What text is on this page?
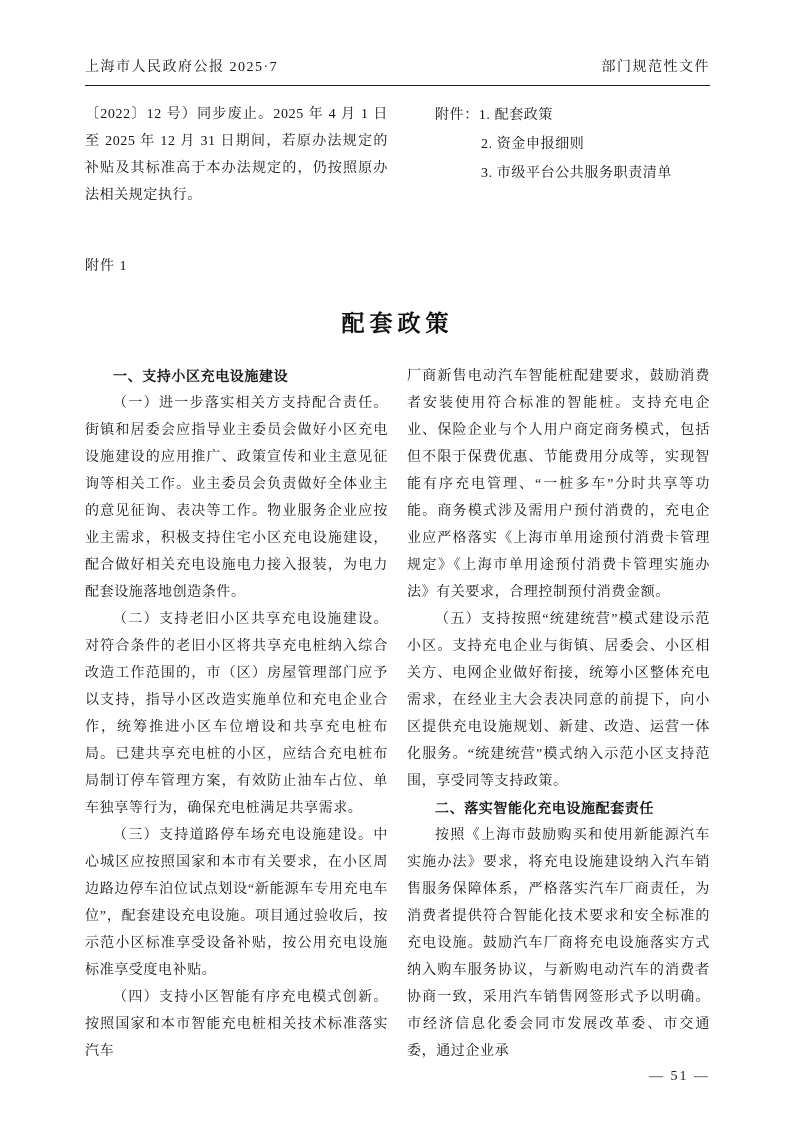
上海市人民政府公报 2025·7	部门规范性文件

〔2022〕12 号）同步废止。2025 年 4 月 1 日至 2025 年 12 月 31 日期间，若原办法规定的补贴及其标准高于本办法规定的，仍按照原办法相关规定执行。

附件：1. 配套政策
2. 资金申报细则
3. 市级平台公共服务职责清单
附件 1
配套政策

一、支持小区充电设施建设

（一）进一步落实相关方支持配合责任。街镇和居委会应指导业主委员会做好小区充电设施建设的应用推广、政策宣传和业主意见征询等相关工作。业主委员会负责做好全体业主的意见征询、表决等工作。物业服务企业应按业主需求，积极支持住宅小区充电设施建设，配合做好相关充电设施电力接入报装，为电力配套设施落地创造条件。

（二）支持老旧小区共享充电设施建设。对符合条件的老旧小区将共享充电桩纳入综合改造工作范围的，市（区）房屋管理部门应予以支持，指导小区改造实施单位和充电企业合作，统筹推进小区车位增设和共享充电桩布局。已建共享充电桩的小区，应结合充电桩布局制订停车管理方案，有效防止油车占位、单车独享等行为，确保充电桩满足共享需求。

（三）支持道路停车场充电设施建设。中心城区应按照国家和本市有关要求，在小区周边路边停车泊位试点划设“新能源车专用充电车位”，配套建设充电设施。项目通过验收后，按示范小区标准享受设备补贴，按公用充电设施标准享受度电补贴。

（四）支持小区智能有序充电模式创新。按照国家和本市智能充电桩相关技术标准落实汽车

厂商新售电动汽车智能桩配建要求，鼓励消费者安装使用符合标准的智能桩。支持充电企业、保险企业与个人用户商定商务模式，包括但不限于保费优惠、节能费用分成等，实现智能有序充电管理、“一桩多车”分时共享等功能。商务模式涉及需用户预付消费的，充电企业应严格落实《上海市单用途预付消费卡管理规定》《上海市单用途预付消费卡管理实施办法》有关要求，合理控制预付消费金额。

（五）支持按照“统建统营”模式建设示范小区。支持充电企业与街镇、居委会、小区相关方、电网企业做好衔接，统筹小区整体充电需求，在经业主大会表决同意的前提下，向小区提供充电设施规划、新建、改造、运营一体化服务。“统建统营”模式纳入示范小区支持范围，享受同等支持政策。

二、落实智能化充电设施配套责任

按照《上海市鼓励购买和使用新能源汽车实施办法》要求，将充电设施建设纳入汽车销售服务保障体系，严格落实汽车厂商责任，为消费者提供符合智能化技术要求和安全标准的充电设施。鼓励汽车厂商将充电设施落实方式纳入购车服务协议，与新购电动汽车的消费者协商一致，采用汽车销售网签形式予以明确。市经济信息化委会同市发展改革委、市交通委，通过企业承

— 51 —
